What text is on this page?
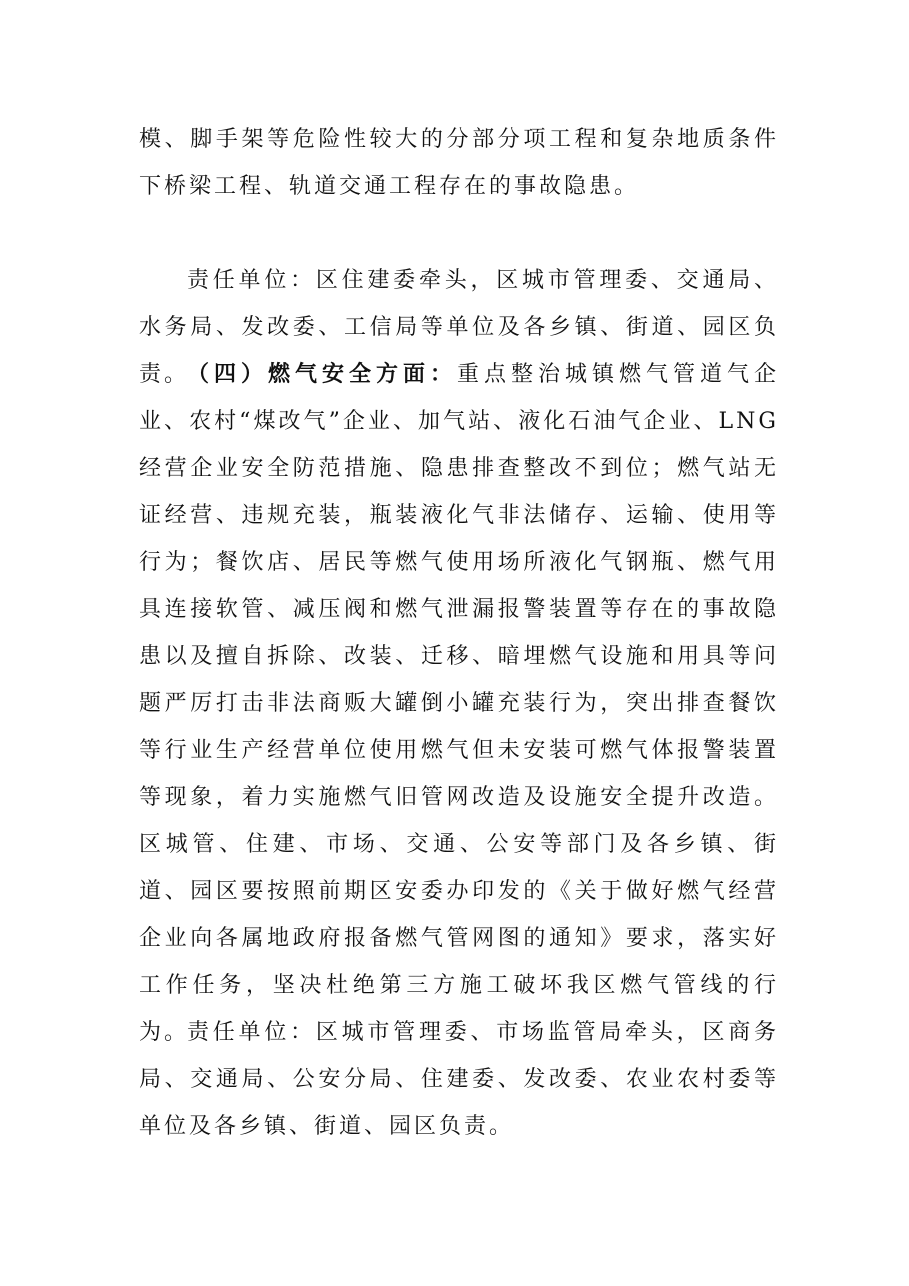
模、脚手架等危险性较大的分部分项工程和复杂地质条件下桥梁工程、轨道交通工程存在的事故隐患。

责任单位：区住建委牵头，区城市管理委、交通局、水务局、发改委、工信局等单位及各乡镇、街道、园区负责。

（四）燃气安全方面：重点整治城镇燃气管道气企业、农村“煤改气”企业、加气站、液化石油气企业、LNG经营企业安全防范措施、隐患排查整改不到位；燃气站无证经营、违规充装，瓶装液化气非法储存、运输、使用等行为；餐饮店、居民等燃气使用场所液化气钢瓶、燃气用具连接软管、减压阀和燃气泄漏报警装置等存在的事故隐患以及擅自拆除、改装、迁移、暗埋燃气设施和用具等问题严厉打击非法商贩大罐倒小罐充装行为，突出排查餐饮等行业生产经营单位使用燃气但未安装可燃气体报警装置等现象，着力实施燃气旧管网改造及设施安全提升改造。区城管、住建、市场、交通、公安等部门及各乡镇、街道、园区要按照前期区安委办印发的《关于做好燃气经营企业向各属地政府报备燃气管网图的通知》要求，落实好工作任务，坚决杜绝第三方施工破坏我区燃气管线的行为。

责任单位：区城市管理委、市场监管局牵头，区商务局、交通局、公安分局、住建委、发改委、农业农村委等单位及各乡镇、街道、园区负责。
